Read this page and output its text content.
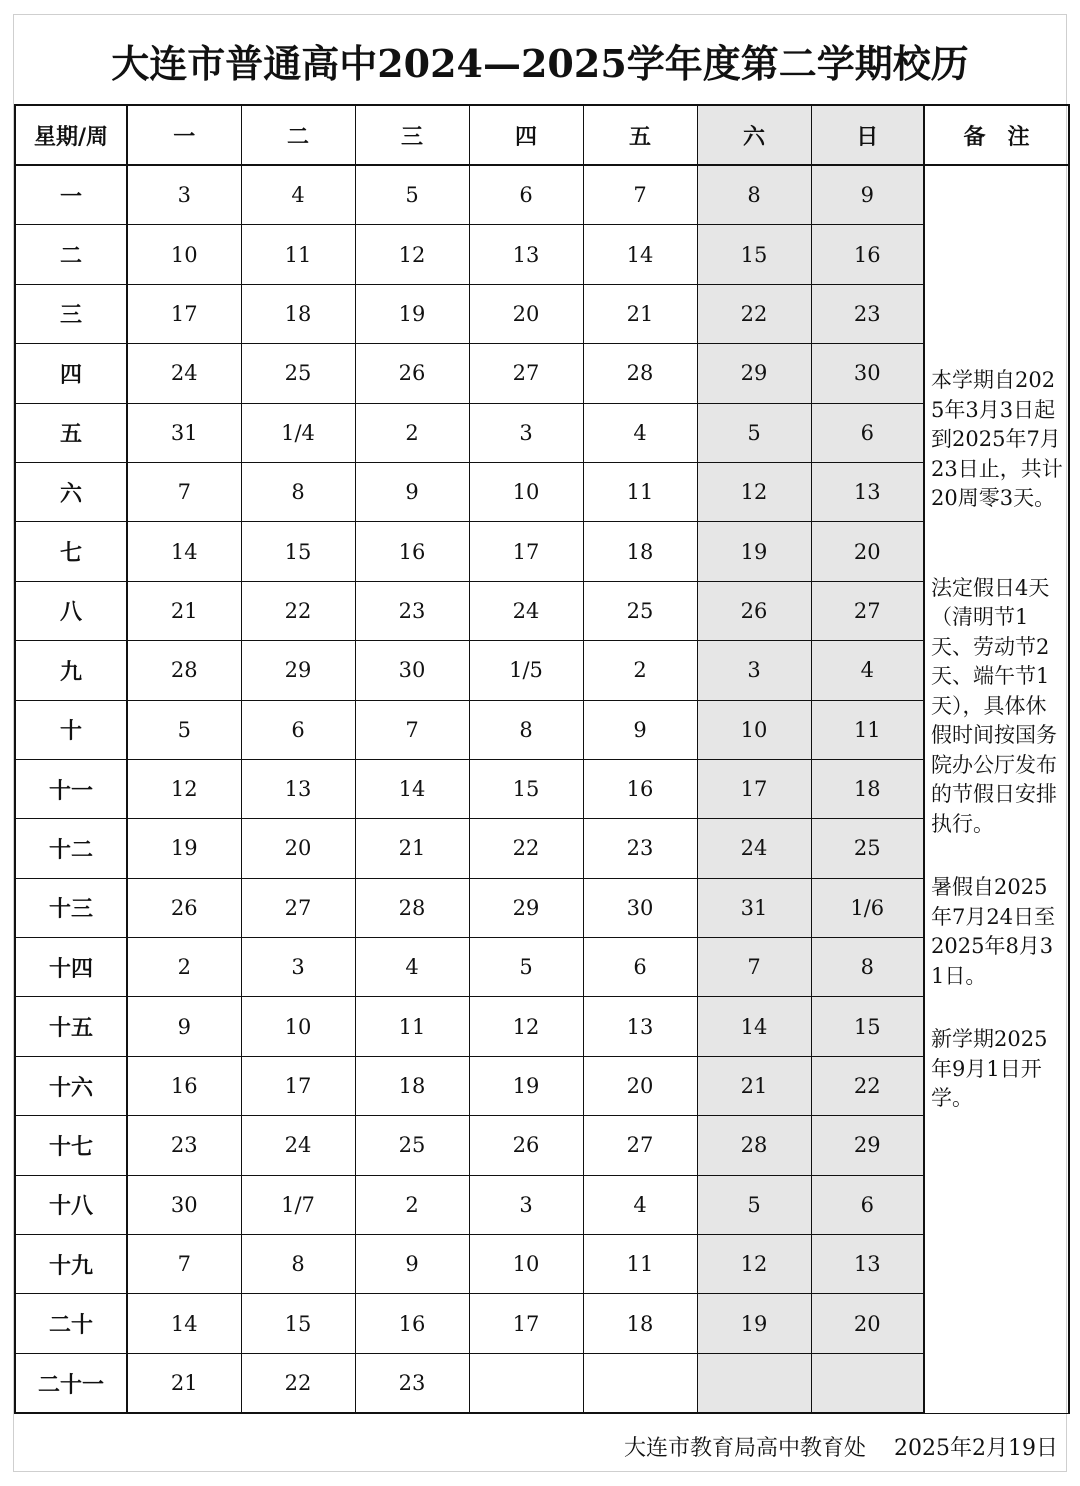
大连市普通高中2024—2025学年度第二学期校历
星期/周	一	二	三	四	五	六	日	备　注
一	3	4	5	6	7	8	9	本学期自2025年3月3日起到2025年7月23日止，共计20周零3天。
法定假日4天（清明节1天、劳动节2天、端午节1天），具体休假时间按国务院办公厅发布的节假日安排执行。
暑假自2025年7月24日至2025年8月31日。
新学期2025年9月1日开学。

二	10	11	12	13	14	15	16	
三	17	18	19	20	21	22	23	
四	24	25	26	27	28	29	30	
五	31	1/4	2	3	4	5	6	
六	7	8	9	10	11	12	13	
七	14	15	16	17	18	19	20	
八	21	22	23	24	25	26	27	
九	28	29	30	1/5	2	3	4	
十	5	6	7	8	9	10	11	
十一	12	13	14	15	16	17	18	
十二	19	20	21	22	23	24	25	
十三	26	27	28	29	30	31	1/6	
十四	2	3	4	5	6	7	8	
十五	9	10	11	12	13	14	15	
十六	16	17	18	19	20	21	22	
十七	23	24	25	26	27	28	29	
十八	30	1/7	2	3	4	5	6	
十九	7	8	9	10	11	12	13	
二十	14	15	16	17	18	19	20	
二十一	21	22	23					
大连市教育局高中教育处 2025年2月19日
